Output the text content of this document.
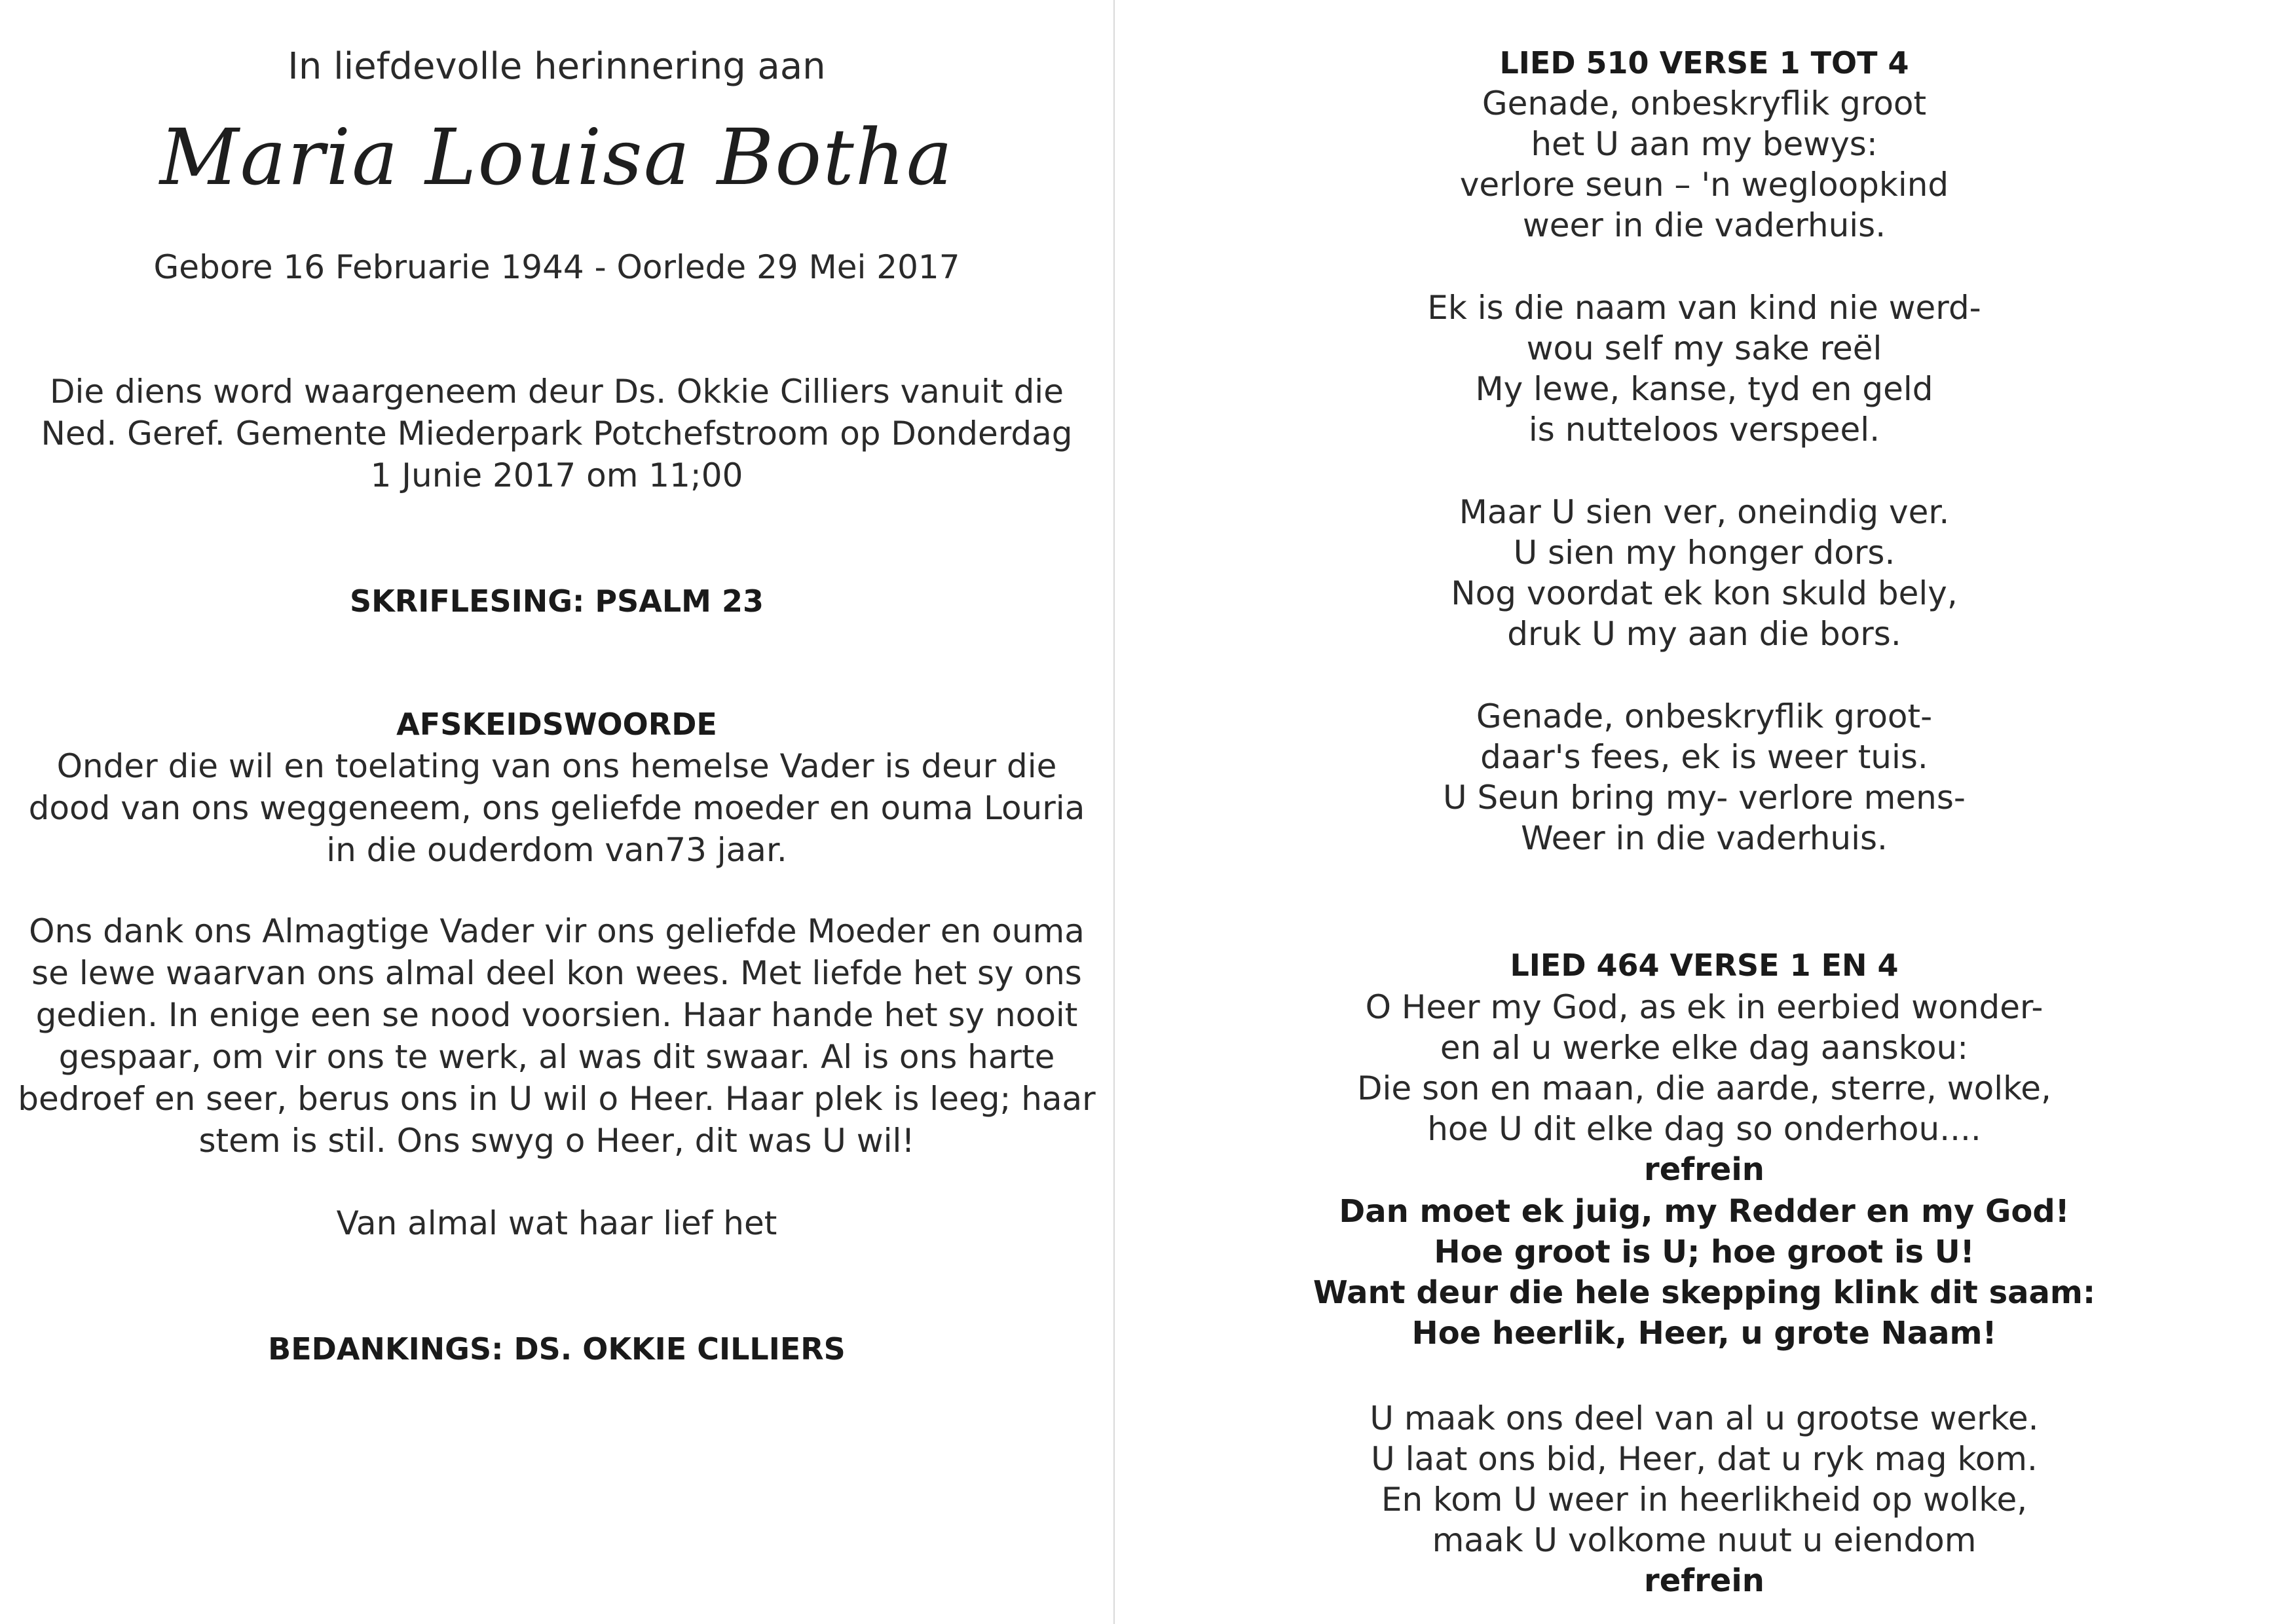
In liefdevolle herinnering aan
Maria Louisa Botha
Gebore 16 Februarie 1944 - Oorlede 29 Mei 2017
Die diens word waargeneem deur Ds. Okkie Cilliers vanuit die
Ned. Geref. Gemente Miederpark Potchefstroom op Donderdag
1 Junie 2017 om 11;00
SKRIFLESING: PSALM 23
AFSKEIDSWOORDE
Onder die wil en toelating van ons hemelse Vader is deur die
dood van ons weggeneem, ons geliefde moeder en ouma Louria
in die ouderdom van73 jaar.
Ons dank ons Almagtige Vader vir ons geliefde Moeder en ouma
se lewe waarvan ons almal deel kon wees. Met liefde het sy ons
gedien. In enige een se nood voorsien. Haar hande het sy nooit
gespaar, om vir ons te werk, al was dit swaar. Al is ons harte
bedroef en seer, berus ons in U wil o Heer. Haar plek is leeg; haar
stem is stil. Ons swyg o Heer, dit was U wil!
Van almal wat haar lief het
BEDANKINGS: DS. OKKIE CILLIERS
LIED 510 VERSE 1 TOT 4
Genade, onbeskryflik groot
het U aan my bewys:
verlore seun – 'n wegloopkind
weer in die vaderhuis.
Ek is die naam van kind nie werd-
wou self my sake reël
My lewe, kanse, tyd en geld
is nutteloos verspeel.
Maar U sien ver, oneindig ver.
U sien my honger dors.
Nog voordat ek kon skuld bely,
druk U my aan die bors.
Genade, onbeskryflik groot-
daar's fees, ek is weer tuis.
U Seun bring my- verlore mens-
Weer in die vaderhuis.
LIED 464 VERSE 1 EN 4
O Heer my God, as ek in eerbied wonder-
en al u werke elke dag aanskou:
Die son en maan, die aarde, sterre, wolke,
hoe U dit elke dag so onderhou....
refrein
Dan moet ek juig, my Redder en my God!
Hoe groot is U; hoe groot is U!
Want deur die hele skepping klink dit saam:
Hoe heerlik, Heer, u grote Naam!
U maak ons deel van al u grootse werke.
U laat ons bid, Heer, dat u ryk mag kom.
En kom U weer in heerlikheid op wolke,
maak U volkome nuut u eiendom
refrein
